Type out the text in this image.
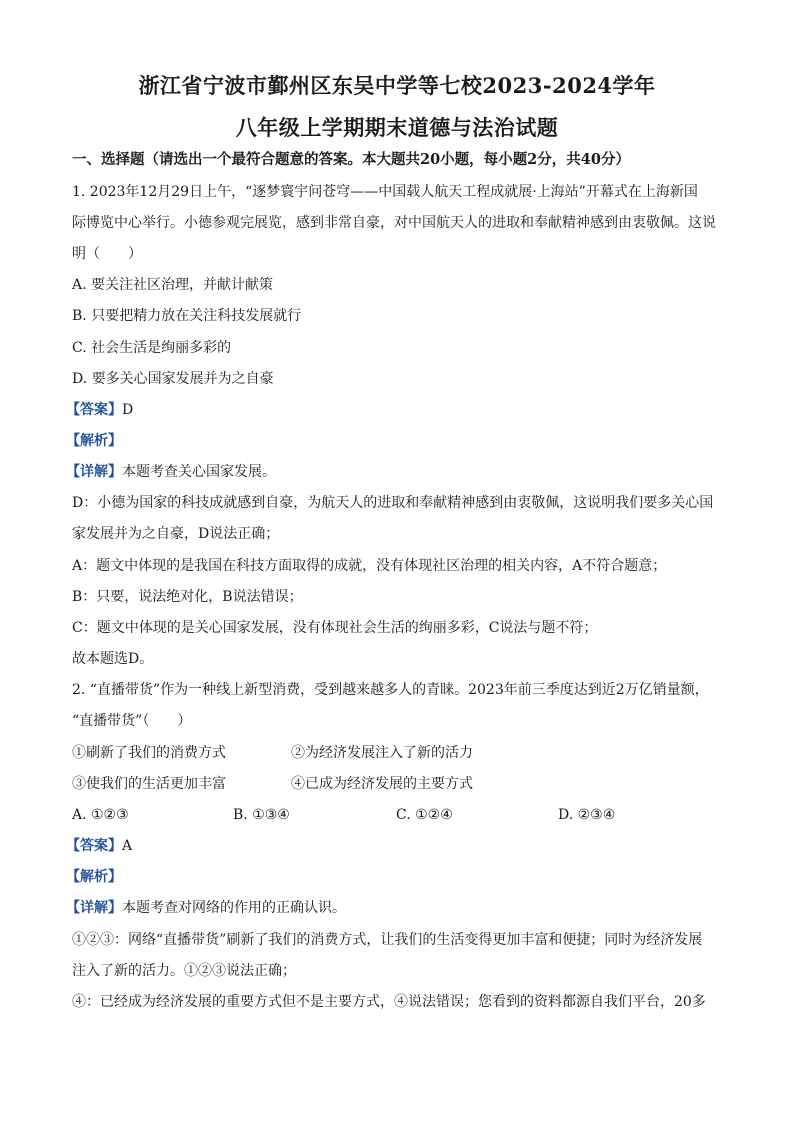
浙江省宁波市鄞州区东吴中学等七校2023-2024学年
八年级上学期期末道德与法治试题
一、选择题（请选出一个最符合题意的答案。本大题共20小题，每小题2分，共40分）
1. 2023年12月29日上午，“逐梦寰宇问苍穹——中国载人航天工程成就展·上海站”开幕式在上海新国
际博览中心举行。小德参观完展览，感到非常自豪，对中国航天人的进取和奉献精神感到由衷敬佩。这说
明（　　）
A. 要关注社区治理，并献计献策
B. 只要把精力放在关注科技发展就行
C. 社会生活是绚丽多彩的
D. 要多关心国家发展并为之自豪
【答案】D
【解析】
【详解】本题考查关心国家发展。
D：小德为国家的科技成就感到自豪，为航天人的进取和奉献精神感到由衷敬佩，这说明我们要多关心国
家发展并为之自豪，D说法正确；
A：题文中体现的是我国在科技方面取得的成就，没有体现社区治理的相关内容，A不符合题意；
B：只要，说法绝对化，B说法错误；
C：题文中体现的是关心国家发展，没有体现社会生活的绚丽多彩，C说法与题不符；
故本题选D。
2. “直播带货”作为一种线上新型消费，受到越来越多人的青睐。2023年前三季度达到近2万亿销量额，
“直播带货”（　　）
①刷新了我们的消费方式	②为经济发展注入了新的活力
③使我们的生活更加丰富	④已成为经济发展的主要方式
A. ①②③	B. ①③④	C. ①②④	D. ②③④
【答案】A
【解析】
【详解】本题考查对网络的作用的正确认识。
①②③：网络“直播带货”刷新了我们的消费方式，让我们的生活变得更加丰富和便捷；同时为经济发展
注入了新的活力。①②③说法正确；
④：已经成为经济发展的重要方式但不是主要方式，④说法错误；您看到的资料都源自我们平台，20多
